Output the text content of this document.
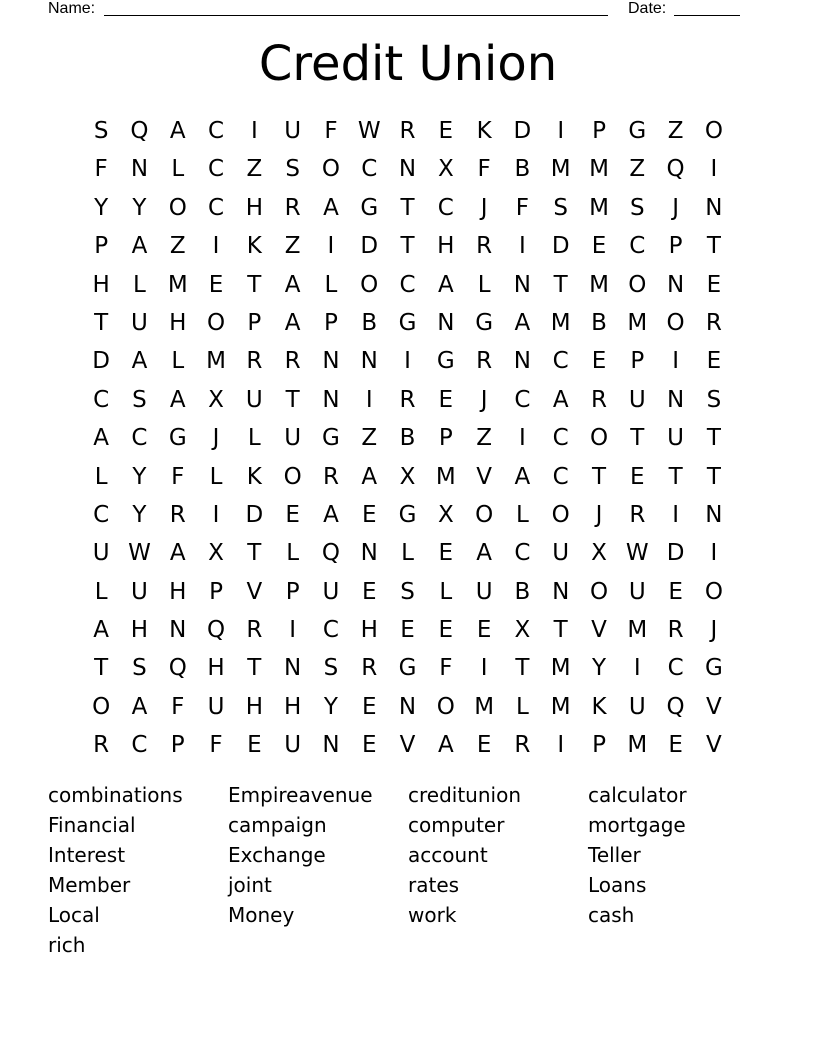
Name:	Date:
Credit Union
S Q A C	I	U	F W R	E	K D	I	P G Z O
F	N	L	C Z	S O C N X	F	B M M Z Q	I
Y	Y O C H R A G T	C	J	F	S M S	J	N
P	A Z	I	K Z	I	D T H R	I	D E C	P	T
H	L M E	T	A	L O C A	L	N T M O N E
T U H O P	A	P	B G N G A M B M O R
D A	L M R R N N	I	G R N C	E	P	I	E
C S	A X U T N	I	R	E	J	C A R U N S
A C G	J	L	U G Z B	P	Z	I	C O T U T
L	Y	F	L	K O R A X M V A C	T	E	T	T
C	Y	R	I	D E	A	E G X O L O	J	R	I	N
U W A X	T	L Q N	L	E	A C U X W D	I
L	U H P	V	P U E	S	L	U B N O U E O
A H N Q R	I	C H E	E	E	X	T	V M R	J
T	S Q H T N S	R G F	I	T M Y	I	C G
O A	F	U H H Y	E N O M L M K U Q V
R C	P	F	E U N E	V A	E	R	I	P M E	V
combinations	Empireavenue	creditunion	calculator
Financial	campaign	computer	mortgage
Interest	Exchange	account	Teller
Member	joint	rates	Loans
Local	Money	work	cash
rich
